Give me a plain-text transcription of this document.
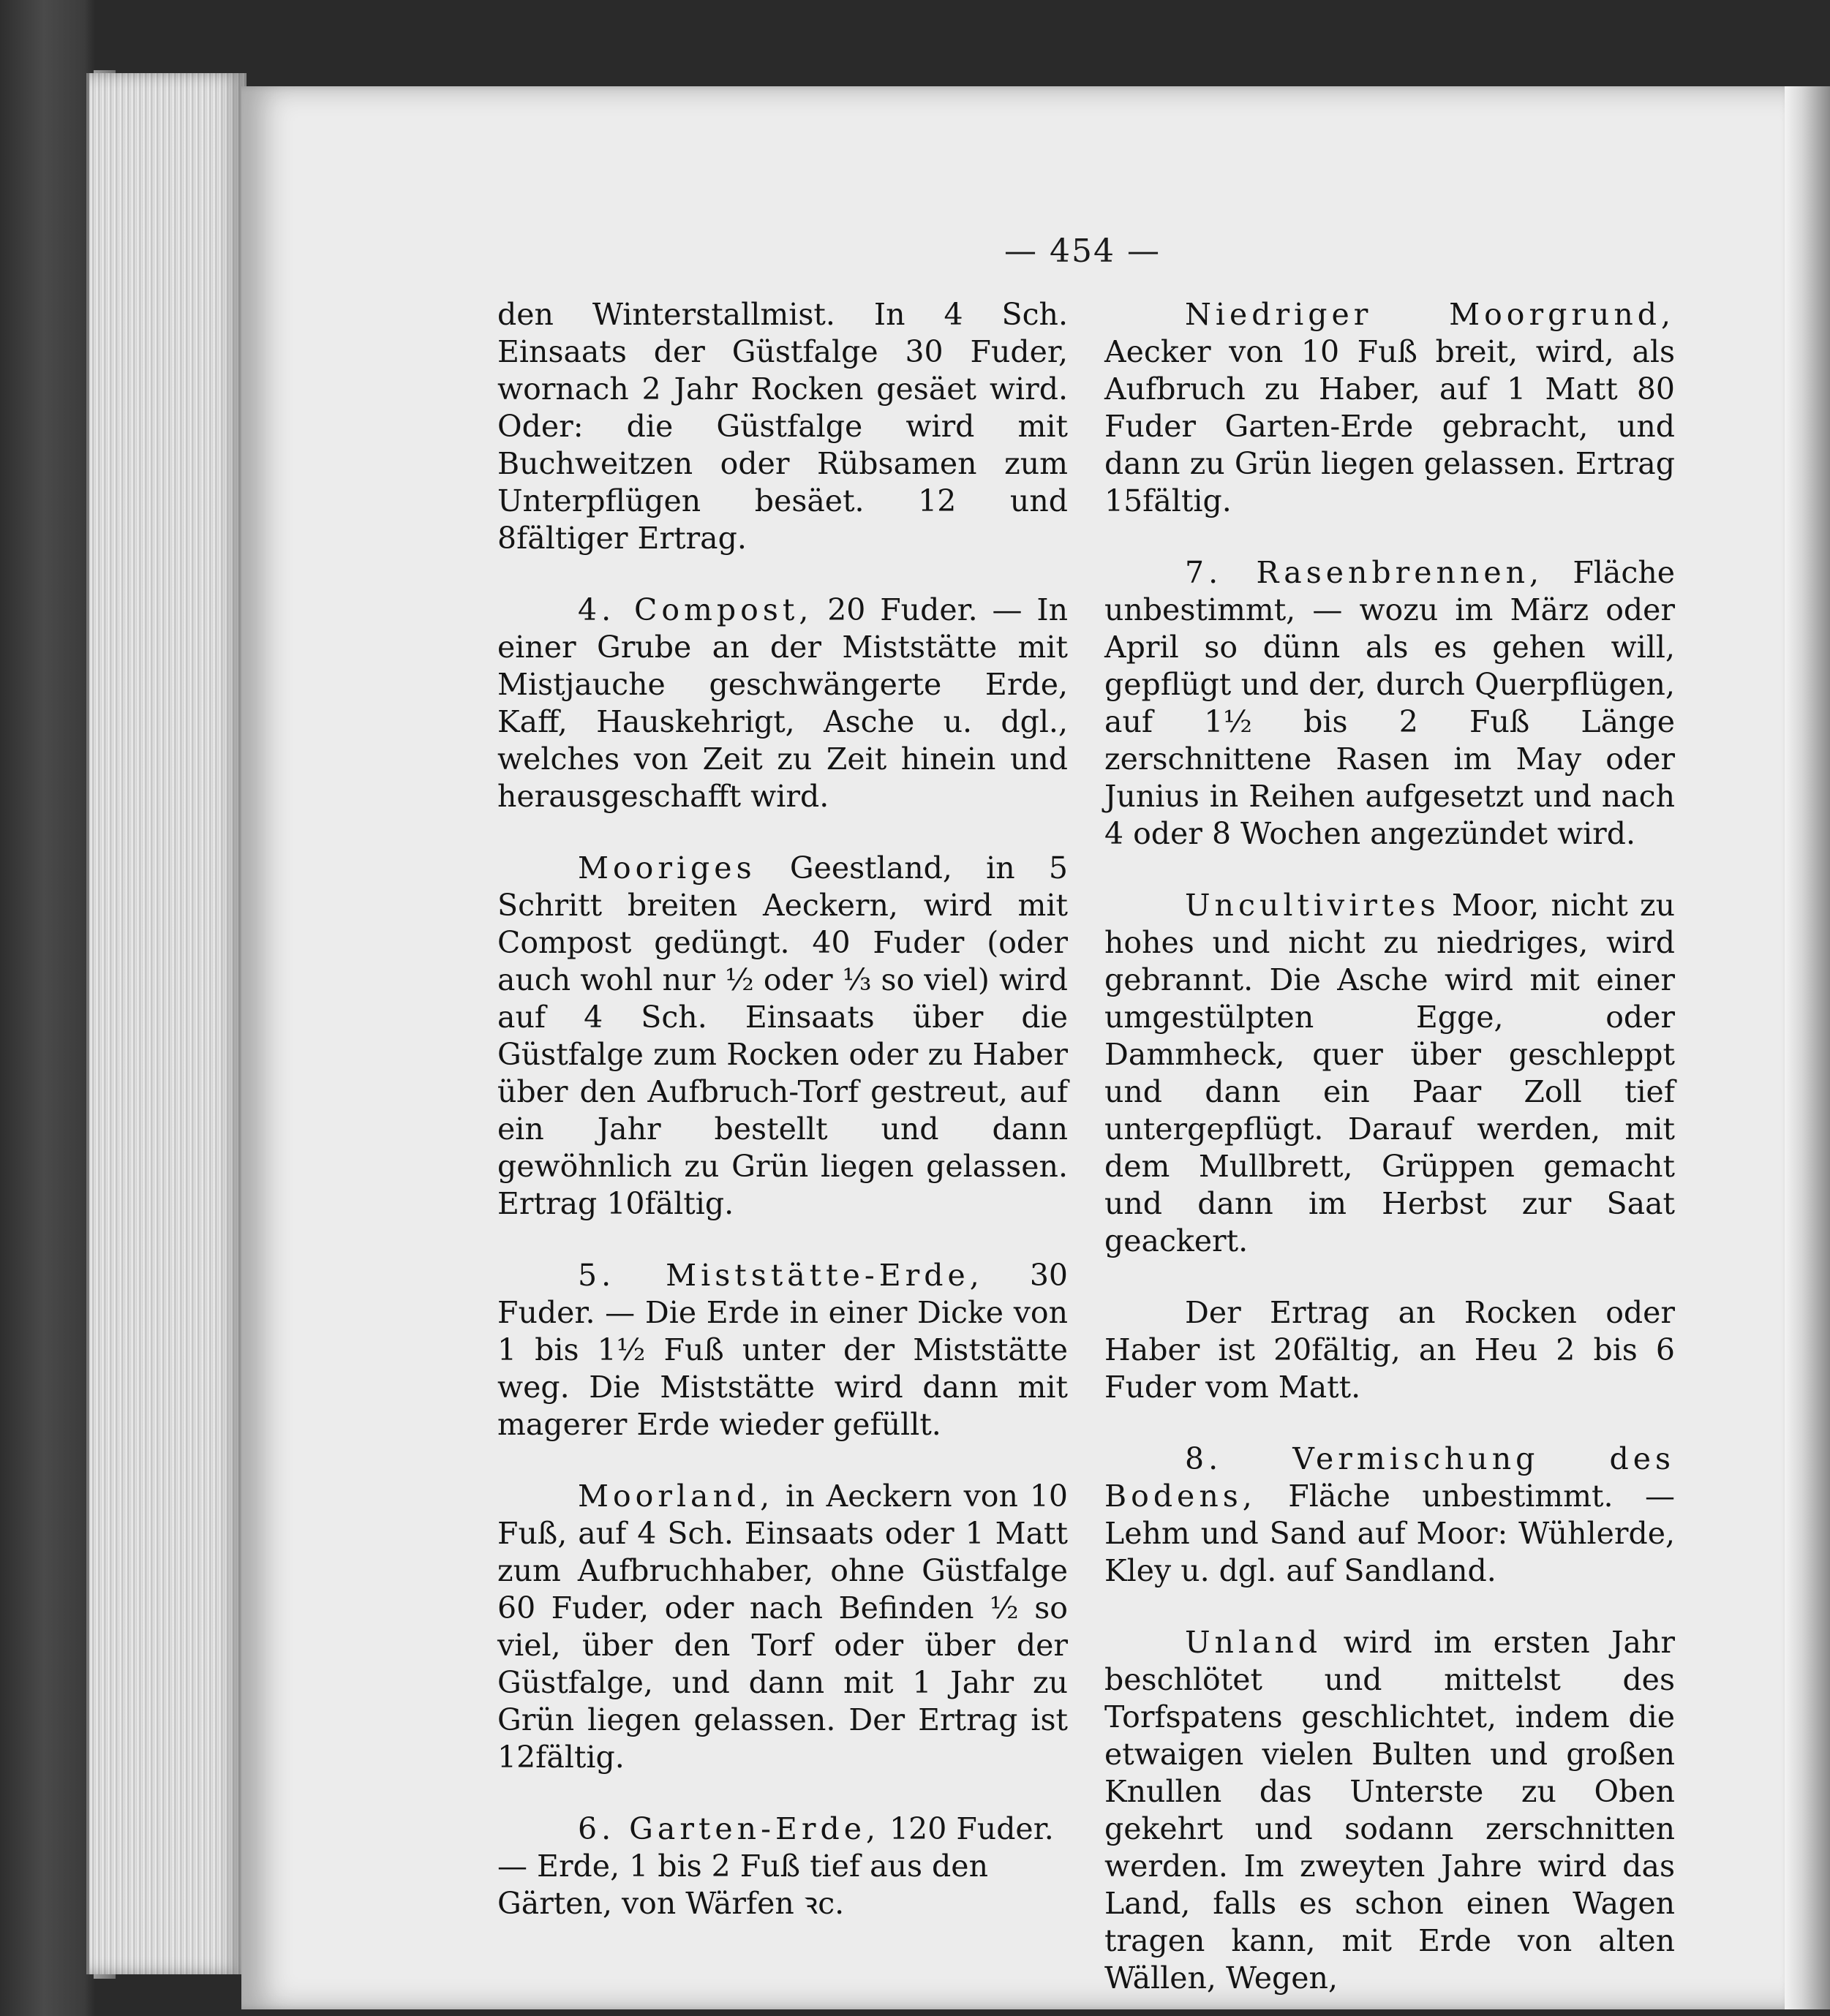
— 454 —

den Winterstallmist. In 4 Sch. Einsaats der Güstfalge 30 Fuder, wornach 2 Jahr Rocken gesäet wird. Oder: die Güstfalge wird mit Buchweitzen oder Rübsamen zum Unterpflügen besäet. 12 und 8fältiger Ertrag.

4. Compost, 20 Fuder. — In einer Grube an der Miststätte mit Mistjauche geschwängerte Erde, Kaff, Hauskehrigt, Asche u. dgl., welches von Zeit zu Zeit hinein und herausgeschafft wird.

Mooriges Geestland, in 5 Schritt breiten Aeckern, wird mit Compost gedüngt. 40 Fuder (oder auch wohl nur ½ oder ⅓ so viel) wird auf 4 Sch. Einsaats über die Güstfalge zum Rocken oder zu Haber über den Aufbruch-Torf gestreut, auf ein Jahr bestellt und dann gewöhnlich zu Grün liegen gelassen. Ertrag 10fältig.

5. Miststätte-Erde, 30 Fuder. — Die Erde in einer Dicke von 1 bis 1½ Fuß unter der Miststätte weg. Die Miststätte wird dann mit magerer Erde wieder gefüllt.

Moorland, in Aeckern von 10 Fuß, auf 4 Sch. Einsaats oder 1 Matt zum Aufbruchhaber, ohne Güstfalge 60 Fuder, oder nach Befinden ½ so viel, über den Torf oder über der Güstfalge, und dann mit 1 Jahr zu Grün liegen gelassen. Der Ertrag ist 12fältig.

6. Garten-Erde, 120 Fuder. — Erde, 1 bis 2 Fuß tief aus den Gärten, von Wärfen ꝛc.

Niedriger Moorgrund, Aecker von 10 Fuß breit, wird, als Aufbruch zu Haber, auf 1 Matt 80 Fuder Garten-Erde gebracht, und dann zu Grün liegen gelassen. Ertrag 15fältig.

7. Rasenbrennen, Fläche unbestimmt, — wozu im März oder April so dünn als es gehen will, gepflügt und der, durch Querpflügen, auf 1½ bis 2 Fuß Länge zerschnittene Rasen im May oder Junius in Reihen aufgesetzt und nach 4 oder 8 Wochen angezündet wird.

Uncultivirtes Moor, nicht zu hohes und nicht zu niedriges, wird gebrannt. Die Asche wird mit einer umgestülpten Egge, oder Dammheck, quer über geschleppt und dann ein Paar Zoll tief untergepflügt. Darauf werden, mit dem Mullbrett, Grüppen gemacht und dann im Herbst zur Saat geackert.

Der Ertrag an Rocken oder Haber ist 20fältig, an Heu 2 bis 6 Fuder vom Matt.

8. Vermischung des Bodens, Fläche unbestimmt. — Lehm und Sand auf Moor: Wühlerde, Kley u. dgl. auf Sandland.

Unland wird im ersten Jahr beschlötet und mittelst des Torfspatens geschlichtet, indem die etwaigen vielen Bulten und großen Knullen das Unterste zu Oben gekehrt und sodann zerschnitten werden. Im zweyten Jahre wird das Land, falls es schon einen Wagen tragen kann, mit Erde von alten Wällen, Wegen,
